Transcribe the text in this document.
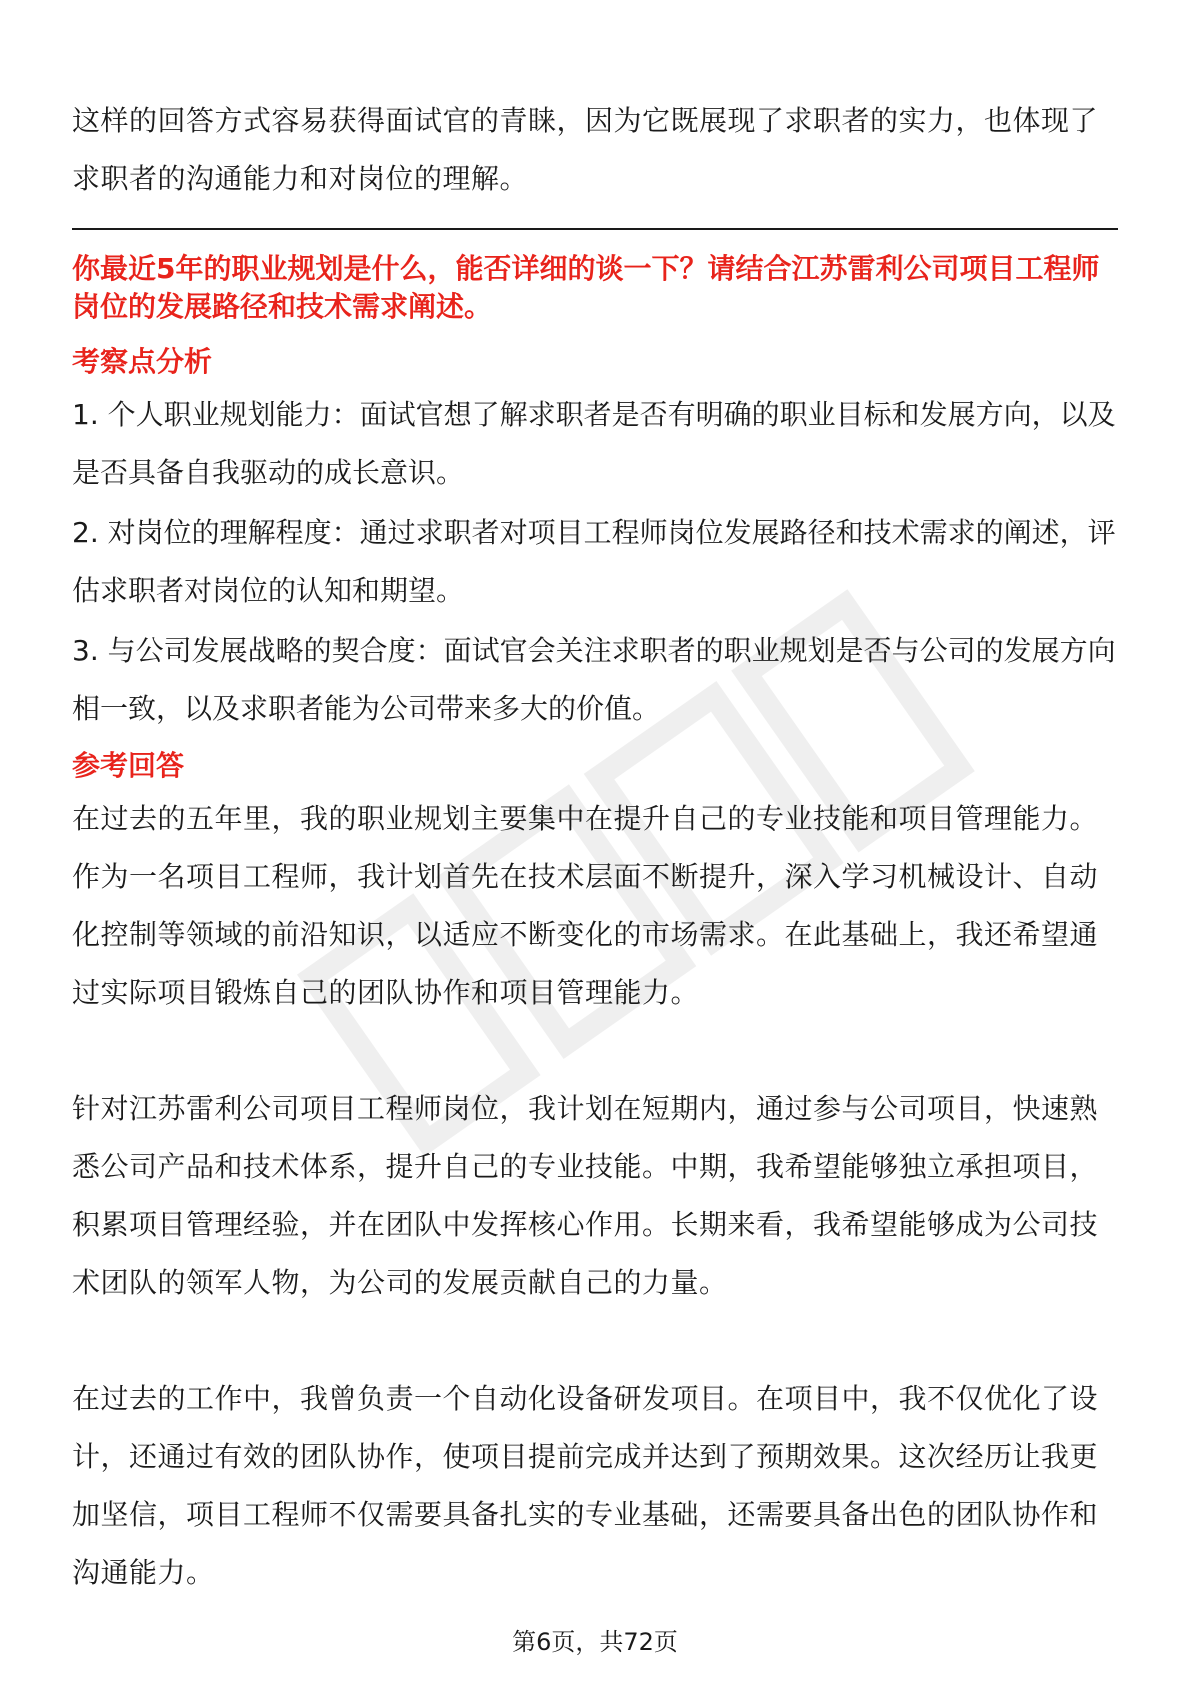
这样的回答方式容易获得面试官的青睐，因为它既展现了求职者的实力，也体现了求职者的沟通能力和对岗位的理解。

你最近5年的职业规划是什么，能否详细的谈一下？请结合江苏雷利公司项目工程师岗位的发展路径和技术需求阐述。

考察点分析

1. 个人职业规划能力：面试官想了解求职者是否有明确的职业目标和发展方向，以及是否具备自我驱动的成长意识。

2. 对岗位的理解程度：通过求职者对项目工程师岗位发展路径和技术需求的阐述，评估求职者对岗位的认知和期望。

3. 与公司发展战略的契合度：面试官会关注求职者的职业规划是否与公司的发展方向相一致，以及求职者能为公司带来多大的价值。

参考回答

在过去的五年里，我的职业规划主要集中在提升自己的专业技能和项目管理能力。作为一名项目工程师，我计划首先在技术层面不断提升，深入学习机械设计、自动化控制等领域的前沿知识，以适应不断变化的市场需求。在此基础上，我还希望通过实际项目锻炼自己的团队协作和项目管理能力。

针对江苏雷利公司项目工程师岗位，我计划在短期内，通过参与公司项目，快速熟悉公司产品和技术体系，提升自己的专业技能。中期，我希望能够独立承担项目，积累项目管理经验，并在团队中发挥核心作用。长期来看，我希望能够成为公司技术团队的领军人物，为公司的发展贡献自己的力量。

在过去的工作中，我曾负责一个自动化设备研发项目。在项目中，我不仅优化了设计，还通过有效的团队协作，使项目提前完成并达到了预期效果。这次经历让我更加坚信，项目工程师不仅需要具备扎实的专业基础，还需要具备出色的团队协作和沟通能力。

第6页，共72页
